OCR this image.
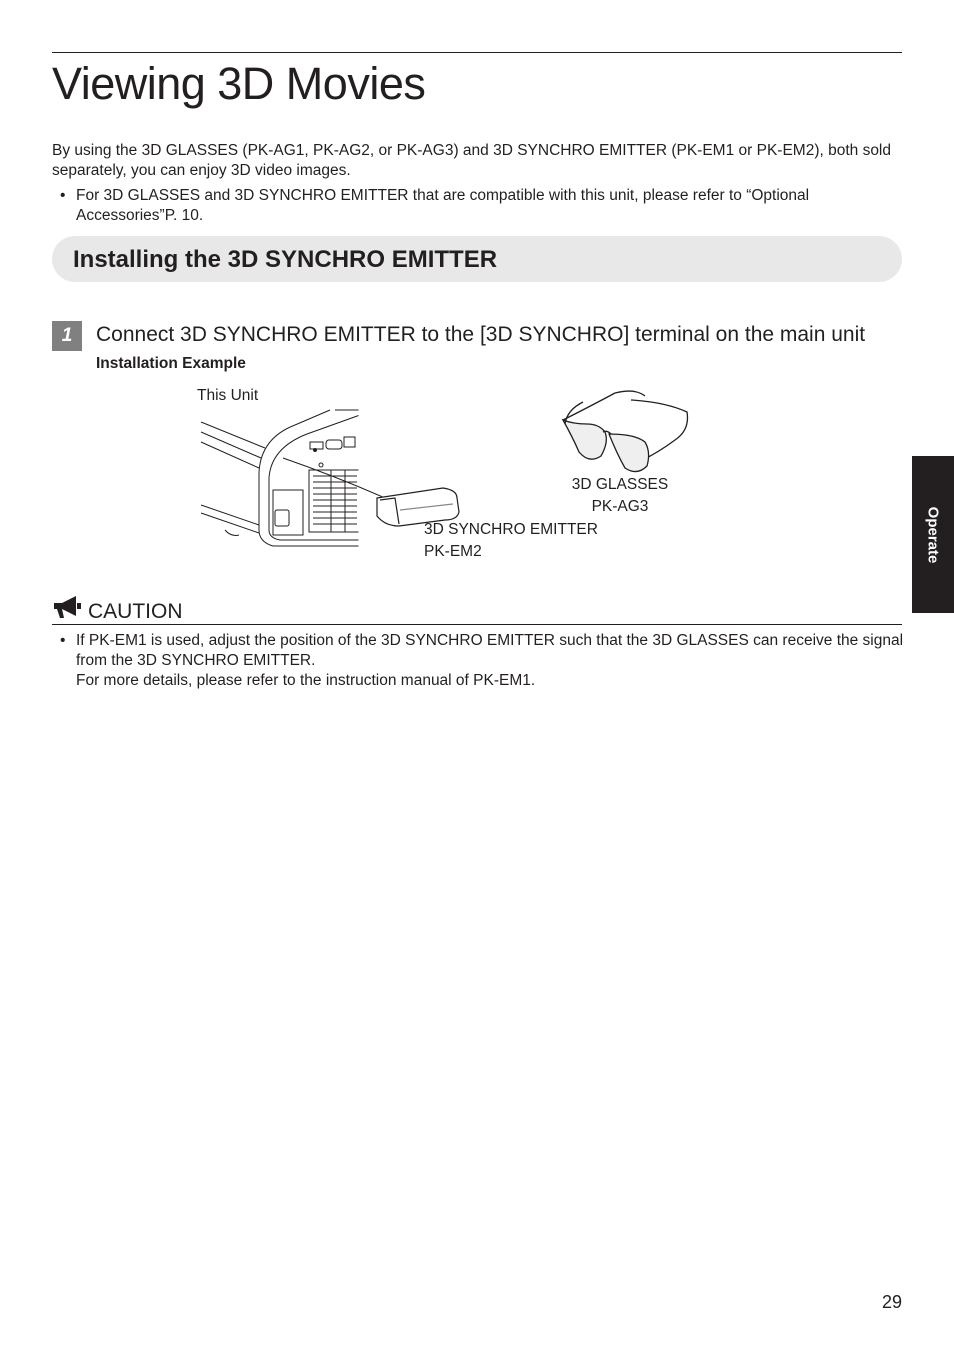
Viewing 3D Movies

By using the 3D GLASSES (PK-AG1, PK-AG2, or PK-AG3) and 3D SYNCHRO EMITTER (PK-EM1 or PK-EM2), both sold separately, you can enjoy 3D video images.

• For 3D GLASSES and 3D SYNCHRO EMITTER that are compatible with this unit, please refer to “Optional Accessories”P. 10.
Installing the 3D SYNCHRO EMITTER
1	Connect 3D SYNCHRO EMITTER to the [3D SYNCHRO] terminal on the main unit
Installation Example
This Unit
3D GLASSES
PK-AG3
3D SYNCHRO EMITTER
PK-EM2
CAUTION
• If PK-EM1 is used, adjust the position of the 3D SYNCHRO EMITTER such that the 3D GLASSES can receive the signal from the 3D SYNCHRO EMITTER.
For more details, please refer to the instruction manual of PK-EM1.
Operate
29
